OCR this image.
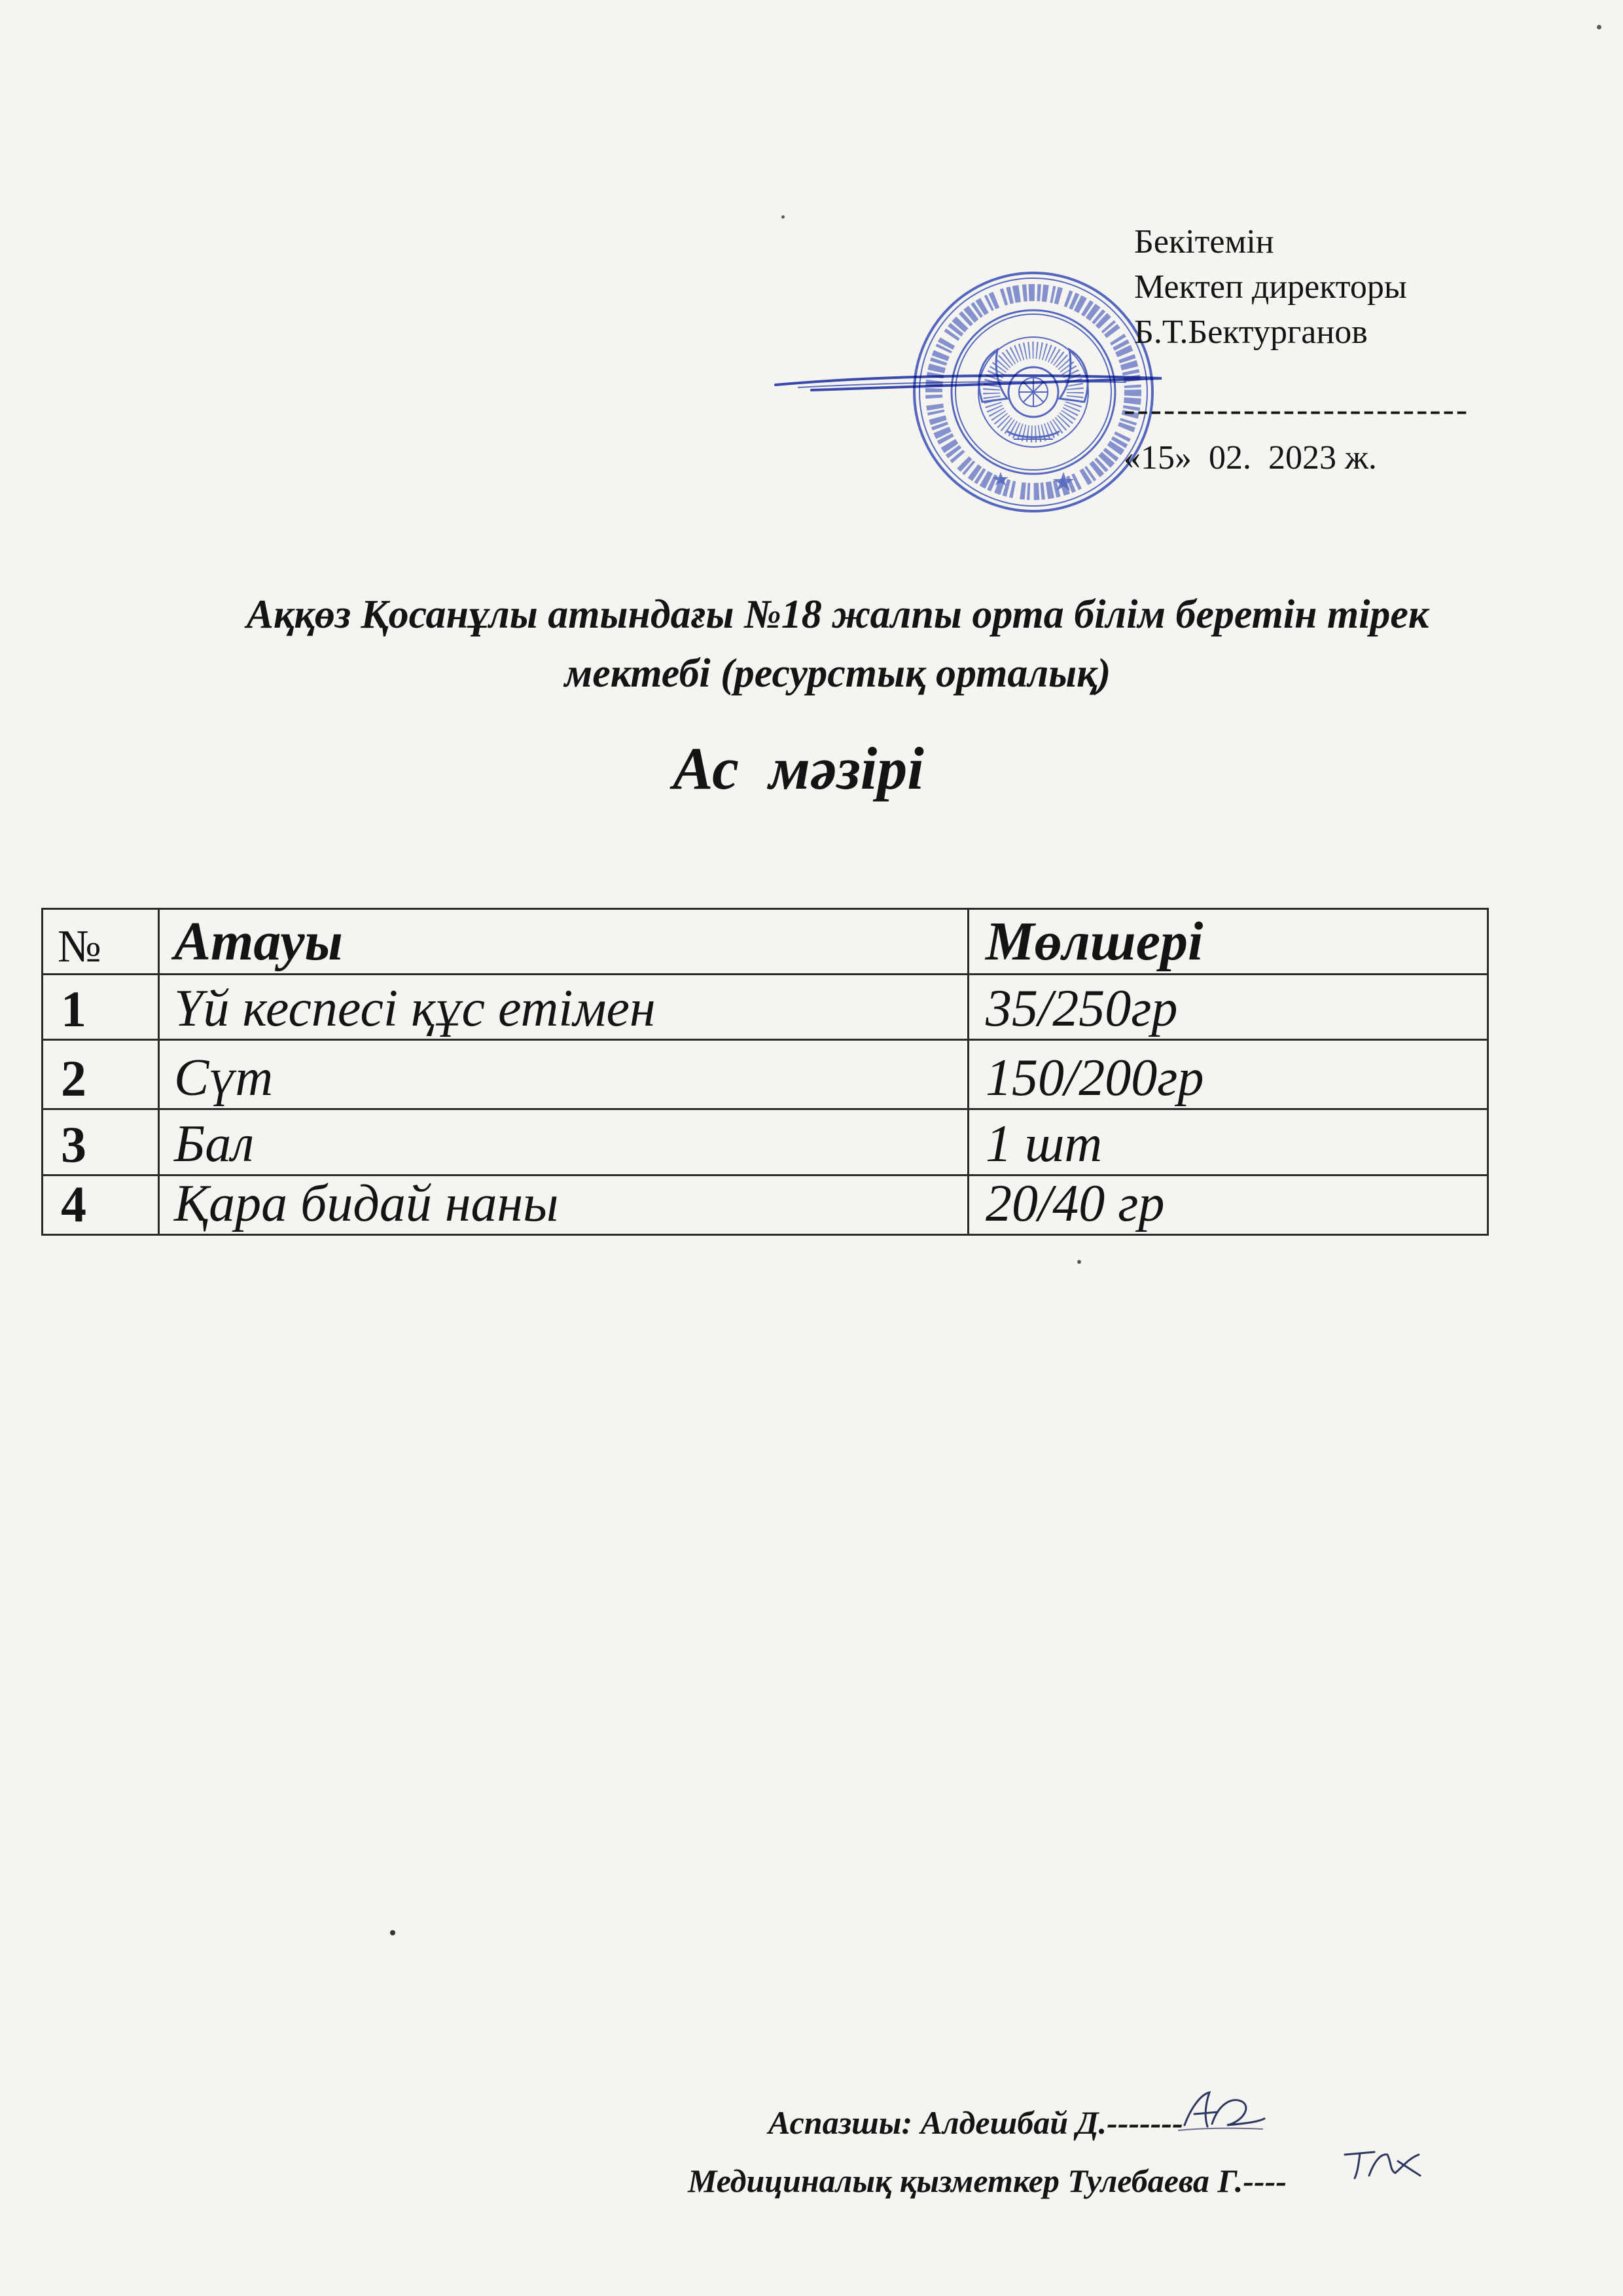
Бекітемін
Мектеп директоры
Б.Т.Бектурганов
--------------------------
«15»  02.  2023 ж.
Аққөз Қосанұлы атындағы №18 жалпы орта білім беретін тірек
мектебі (ресурстық орталық)
Ас  мәзірі
№	Атауы	Мөлшері
1	Үй кеспесі құс етімен	35/250гр
2	Сүт	150/200гр
3	Бал	1 шт
4	Қара бидай наны	20/40 гр
Аспазшы: Алдешбай Д.-------
Медициналық қызметкер Тулебаева Г.----
